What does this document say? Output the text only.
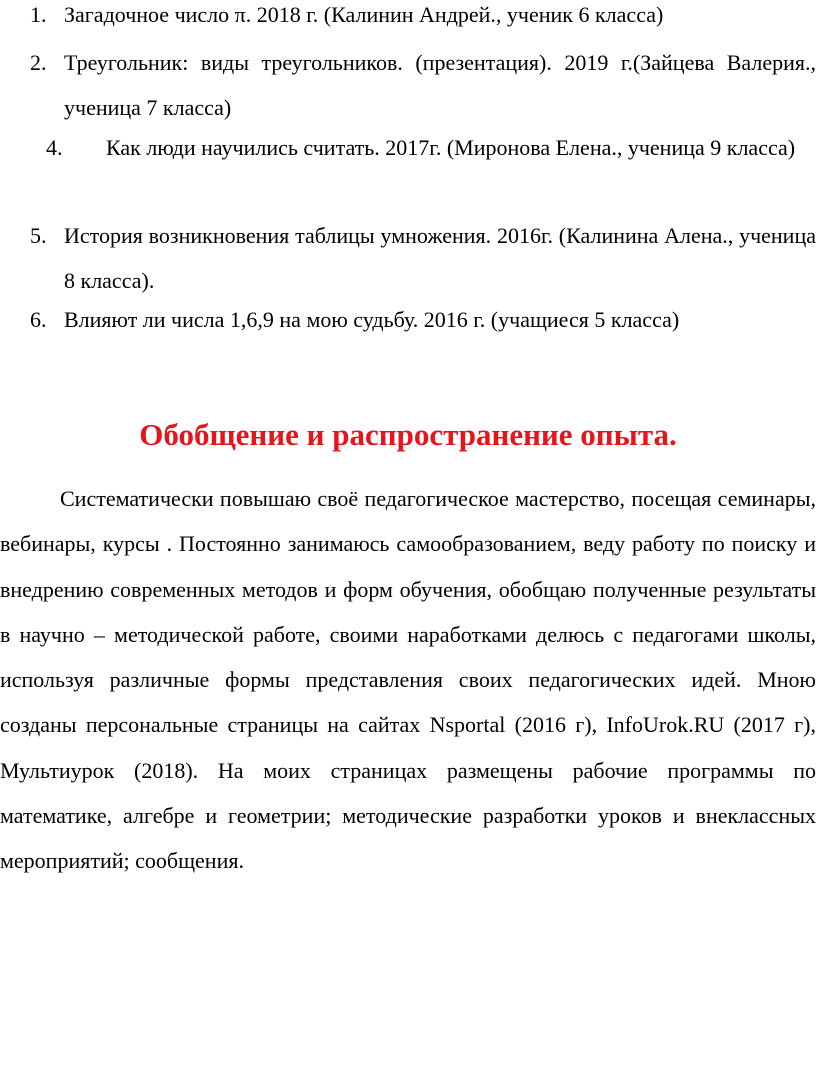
1. Загадочное число π. 2018 г. (Калинин Андрей., ученик 6 класса)
2. Треугольник: виды треугольников. (презентация). 2019 г.(Зайцева Валерия., ученица 7 класса)
4. Как люди научились считать. 2017г. (Миронова Елена., ученица 9 класса)
5. История возникновения таблицы умножения. 2016г. (Калинина Алена., ученица 8 класса).
6. Влияют ли числа 1,6,9 на мою судьбу. 2016 г. (учащиеся 5 класса)
Обобщение и распространение опыта.
Систематически повышаю своё педагогическое мастерство, посещая семинары, вебинары, курсы . Постоянно занимаюсь самообразованием, веду работу по поиску и внедрению современных методов и форм обучения, обобщаю полученные результаты в научно – методической работе, своими наработками делюсь с педагогами школы, используя различные формы представления своих педагогических идей. Мною созданы персональные страницы на сайтах Nsportal (2016 г), InfoUrok.RU (2017 г), Мультиурок (2018). На моих страницах размещены рабочие программы по математике, алгебре и геометрии; методические разработки уроков и внеклассных мероприятий; сообщения.
